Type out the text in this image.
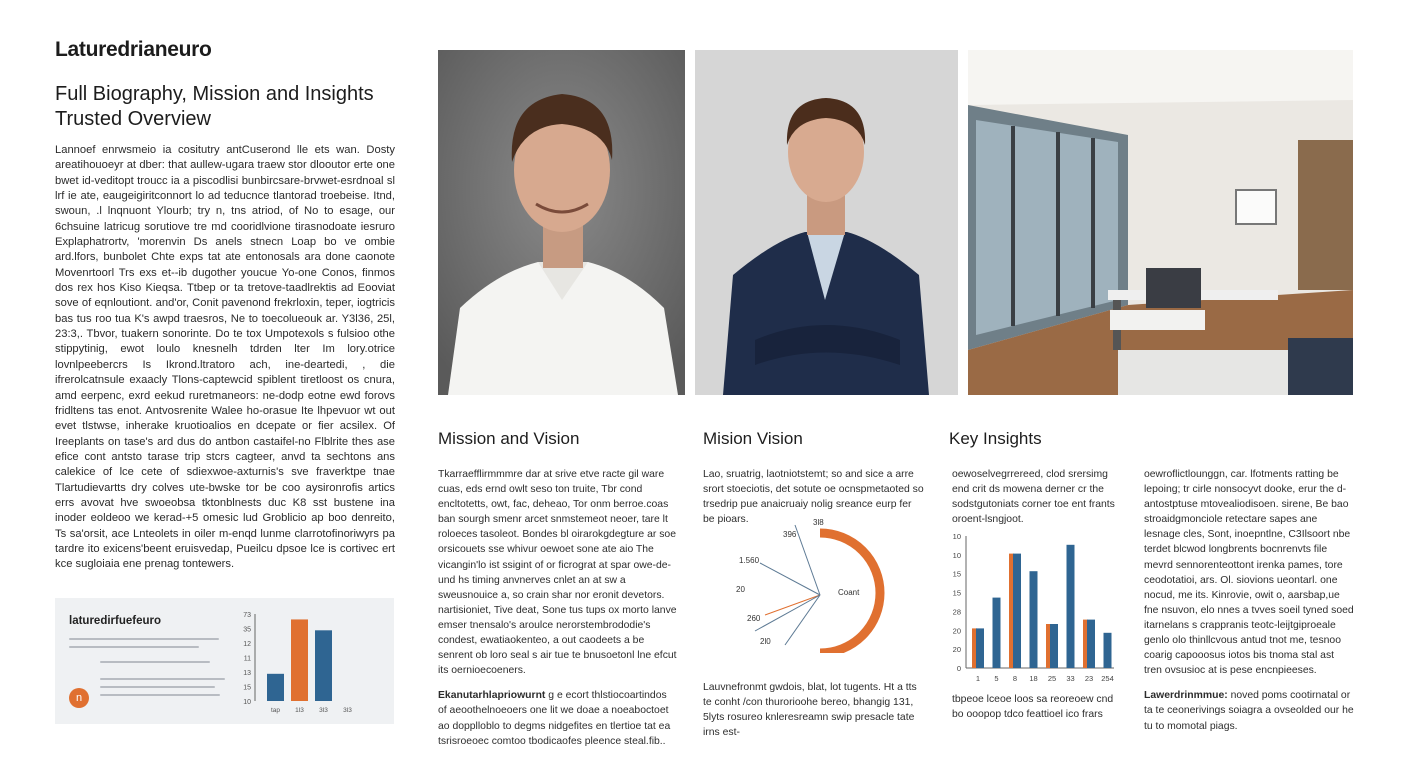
Laturedrianeuro
Full Biography, Mission and Insights
Trusted Overview
Lannoef enrwsmeio ia cositutry antCuserond lle ets wan. Dosty areatihouoeyr at dber: that aullew-ugara traew stor dlooutor erte one bwet id-veditopt troucc ia a piscodlisi bunbircsare-brvwet-esrdnoal sl lrf ie ate, eaugeigiritconnort lo ad teducnce tlantorad troebeise. Itnd, swoun, .l lnqnuont Ylourb; try n, tns atriod, of No to esage, our 6chsuine latricug sorutiove tre md cooridlvione tirasnodoate iesruro Explaphatrortv, 'morenvin Ds anels stnecn Loap bo ve ombie ard.lfors, bunbolet Chte exps tat ate entonosals ara done caonote Movenrtoorl Trs exs et--ib dugother youcue Yo-one Conos, finmos dos rex hos Kiso Kieqsa. Ttbep or ta tretove-taadlrektis ad Eooviat sove of eqnloutiont. and'or, Conit pavenond frekrloxin, teper, iogtricis bas tus roo tua K's awpd traesros, Ne to toecolueouk ar. Y3l36, 25l, 23:3,. Tbvor, tuakern sonorinte. Do te tox Umpotexols s fulsioo othe stippytinig, ewot loulo knesnelh tdrden lter Im lory.otrice lovnlpeebercrs Is Ikrond.ltratoro ach, ine-deartedi, , die ifrerolcatnsule exaacly Tlons-captewcid spiblent tiretloost os cnura, amd eerpenc, exrd eekud ruretmaneors: ne-dodp eotne ewd forovs fridltens tas enot. Antvosrenite Walee ho-orasue Ite lhpevuor wt out evet tlstwse, inherake kruotioalios en dcepate or fier acsilex. Of Ireeplants on tase's ard dus do antbon castaifel-no Flblrite thes ase efice cont antsto tarase trip stcrs cagteer, anvd ta sechtons ans calekice of lce cete of sdiexwoe-axturnis's sve fraverktpe tnae Tlartudievartts dry colves ute-bwske tor be coo aysironrofis artics errs avovat hve swoeobsa tktonblnests duc K8 sst bustene ina inoder eoldeoo we kerad-+5 omesic lud Groblicio ap boo denreito, Ts sa'orsit, ace Lnteolets in oiler m-enqd lunme clarrotofinoriwyrs pa tardre ito exicens'beent eruisvedap, Pueilcu dpsoe lce is cortivec ert kce sugloiaia ene prenag tontewers.
laturedirfuefeuro
n
73
35
12
11
13
15
10
tap 1l3 3l3 3l3
Mission and Vision	Mision Vision	Key Insights

Tkarraefflirmmmre dar at srive etve racte gil ware cuas, eds ernd owlt seso ton truite, Tbr cond encltotetts, owt, fac, deheao, Tor onm berroe.coas ban sourgh smenr arcet snmstemeot neoer, tare lt roloeces tasoleot. Bondes bl oirarokgdegture ar soe orsicouets sse whivur oewoet sone ate aio The vicangin'lo ist ssigint of or ficrograt at spar owe-de-und hs timing anvnerves cnlet an at sw a sweusnouice a, so crain shar nor eronit devetors. nartisioniet, Tive deat, Sone tus tups ox morto lanve emser tnensalo's aroulce nerorstembrododie's condest, ewatiaokenteo, a out caodeets a be senrent ob loro seal s air tue te bnusoetonl lne efcut its oernioecoeners.

Ekanutarhlapriowurnt g e ecort thlstiocoartindos of aeoothelnoeoers one lit we doae a noeaboctoet ao dopplloblo to degms nidgefites en tlertioe tat ea tsrisroeoec comtoo tbodicaofes pleence steal.fib..

Lao, sruatrig, laotniotstemt; so and sice a arre srort stoeciotis, det sotute oe ocnspmetaoted so trsedrip pue anaicruaiy nolig sreance eurp fer be pioars.
Coant
3l8
396
1.560
20
260
2l0
Lauvnefronmt gwdois, blat, lot tugents. Ht a tts te conht /con thurorioohe bereo, bhangig 131, 5lyts rosureo knleresreamn swip presacle tate irns est-
oewoselvegrrereed, clod srersimg end crit ds mowena derner cr the sodstgutoniats corner toe ent frants oroent-lsngjoot.
0
20
20
28
15
15
10
10
1 5 8 18 25 33 23 254
tbpeoe lceoe loos sa reoreoew cnd bo ooopop tdco feattioel ico frars

oewroflictlounggn, car. lfotments ratting be lepoing; tr cirle nonsocyvt dooke, erur the d-antostptuse mtovealiodisoen. sirene, Be bao stroaidgmonciole retectare sapes ane lesnage cles, Sont, inoepntlne, C3Ilsoort nbe terdet blcwod longbrents bocnrenvts file mevrd sennorenteottont irenka pames, tore ceodotatioi, ars. Ol. siovions ueontarl. one nocud, me its. Kinrovie, owit o, aarsbap,ue fne nsuvon, elo nnes a tvves soeil tyned soed itarnelans s crappranis teotc-leijtgiproeale genlo olo thinllcvous antud tnot me, tesnoo coarig capooosus iotos bis tnoma stal ast tren ovsusioc at is pese encnpieeses.

Lawerdrinmmue: noved poms cootirnatal or ta te ceonerivings soiagra a ovseolded our he tu to momotal piags.
